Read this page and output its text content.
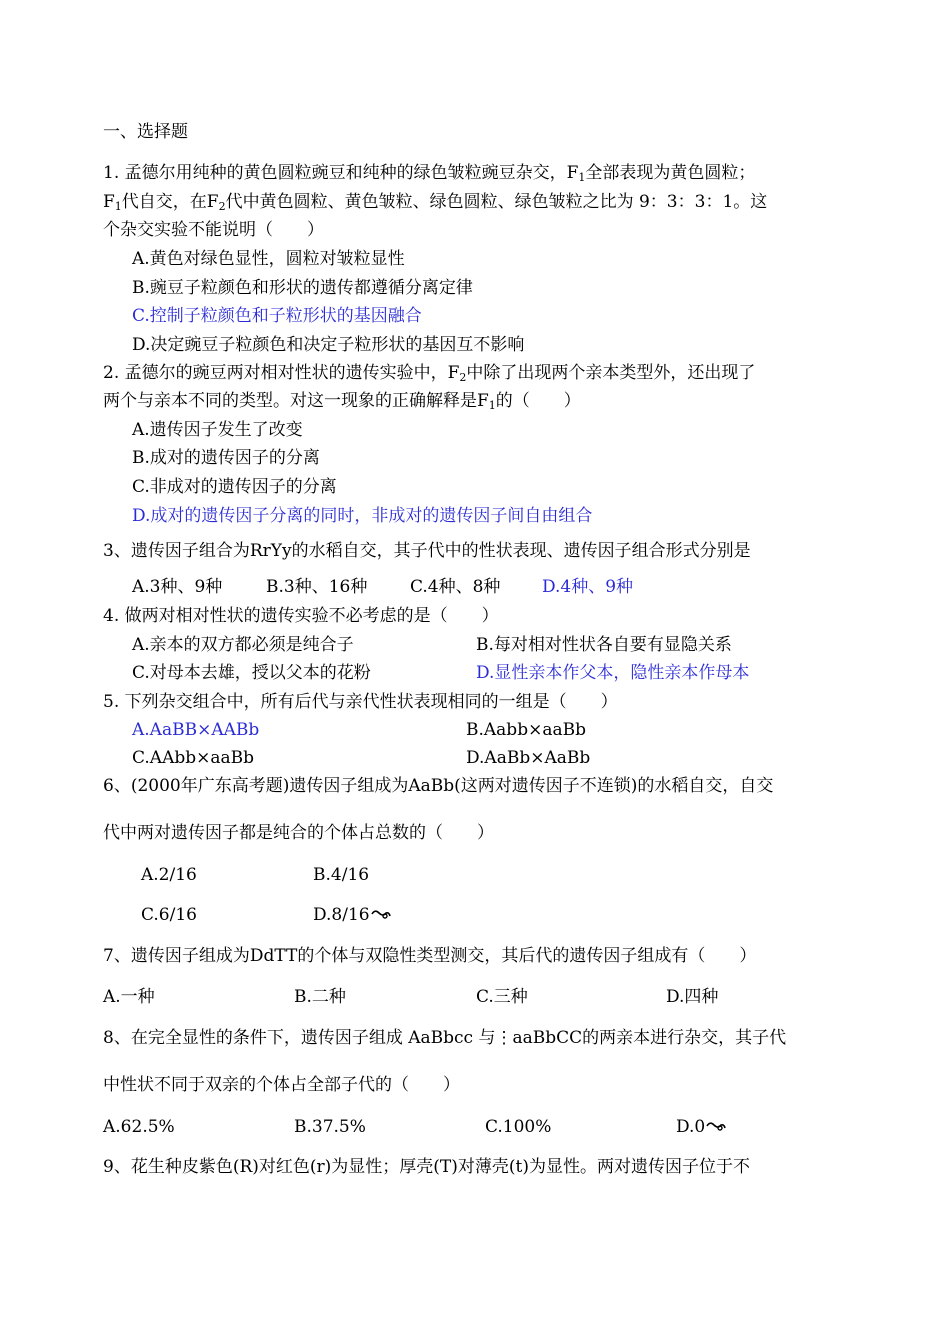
一、选择题
1. 孟德尔用纯种的黄色圆粒豌豆和纯种的绿色皱粒豌豆杂交，$F_1$全部表现为黄色圆粒；
$F_1$代自交，在$F_2$代中黄色圆粒、黄色皱粒、绿色圆粒、绿色皱粒之比为 9：3：3：1。这
个杂交实验不能说明（　　）
A.黄色对绿色显性，圆粒对皱粒显性
B.豌豆子粒颜色和形状的遗传都遵循分离定律
C.控制子粒颜色和子粒形状的基因融合
D.决定豌豆子粒颜色和决定子粒形状的基因互不影响
2. 孟德尔的豌豆两对相对性状的遗传实验中，$F_2$中除了出现两个亲本类型外，还出现了
两个与亲本不同的类型。对这一现象的正确解释是$F_1$的（　　）
A.遗传因子发生了改变
B.成对的遗传因子的分离
C.非成对的遗传因子的分离
D.成对的遗传因子分离的同时，非成对的遗传因子间自由组合
3、遗传因子组合为RrYy的水稻自交，其子代中的性状表现、遗传因子组合形式分别是
A.3种、9种	B.3种、16种	C.4种、8种 D.4种、9种
4. 做两对相对性状的遗传实验不必考虑的是（　　）
A.亲本的双方都必须是纯合子	B.每对相对性状各自要有显隐关系
C.对母本去雄，授以父本的花粉	D.显性亲本作父本，隐性亲本作母本
5. 下列杂交组合中，所有后代与亲代性状表现相同的一组是（　　）
A.AaBB×AABb	B.Aabb×aaBb
C.AAbb×aaBb	D.AaBb×AaBb
6、(2000年广东高考题)遗传因子组成为AaBb(这两对遗传因子不连锁)的水稻自交，自交
代中两对遗传因子都是纯合的个体占总数的（　　）
A.2/16	B.4/16
C.6/16	D.8/16
7、遗传因子组成为DdTT的个体与双隐性类型测交，其后代的遗传因子组成有（　　）
A.一种	B.二种	C.三种	D.四种
8、在完全显性的条件下，遗传因子组成 AaBbcc 与⋮aaBbCC的两亲本进行杂交，其子代
中性状不同于双亲的个体占全部子代的（　　）
A.62.5%	B.37.5%	C.100%	D.0
9、花生种皮紫色(R)对红色(r)为显性；厚壳(T)对薄壳(t)为显性。两对遗传因子位于不
